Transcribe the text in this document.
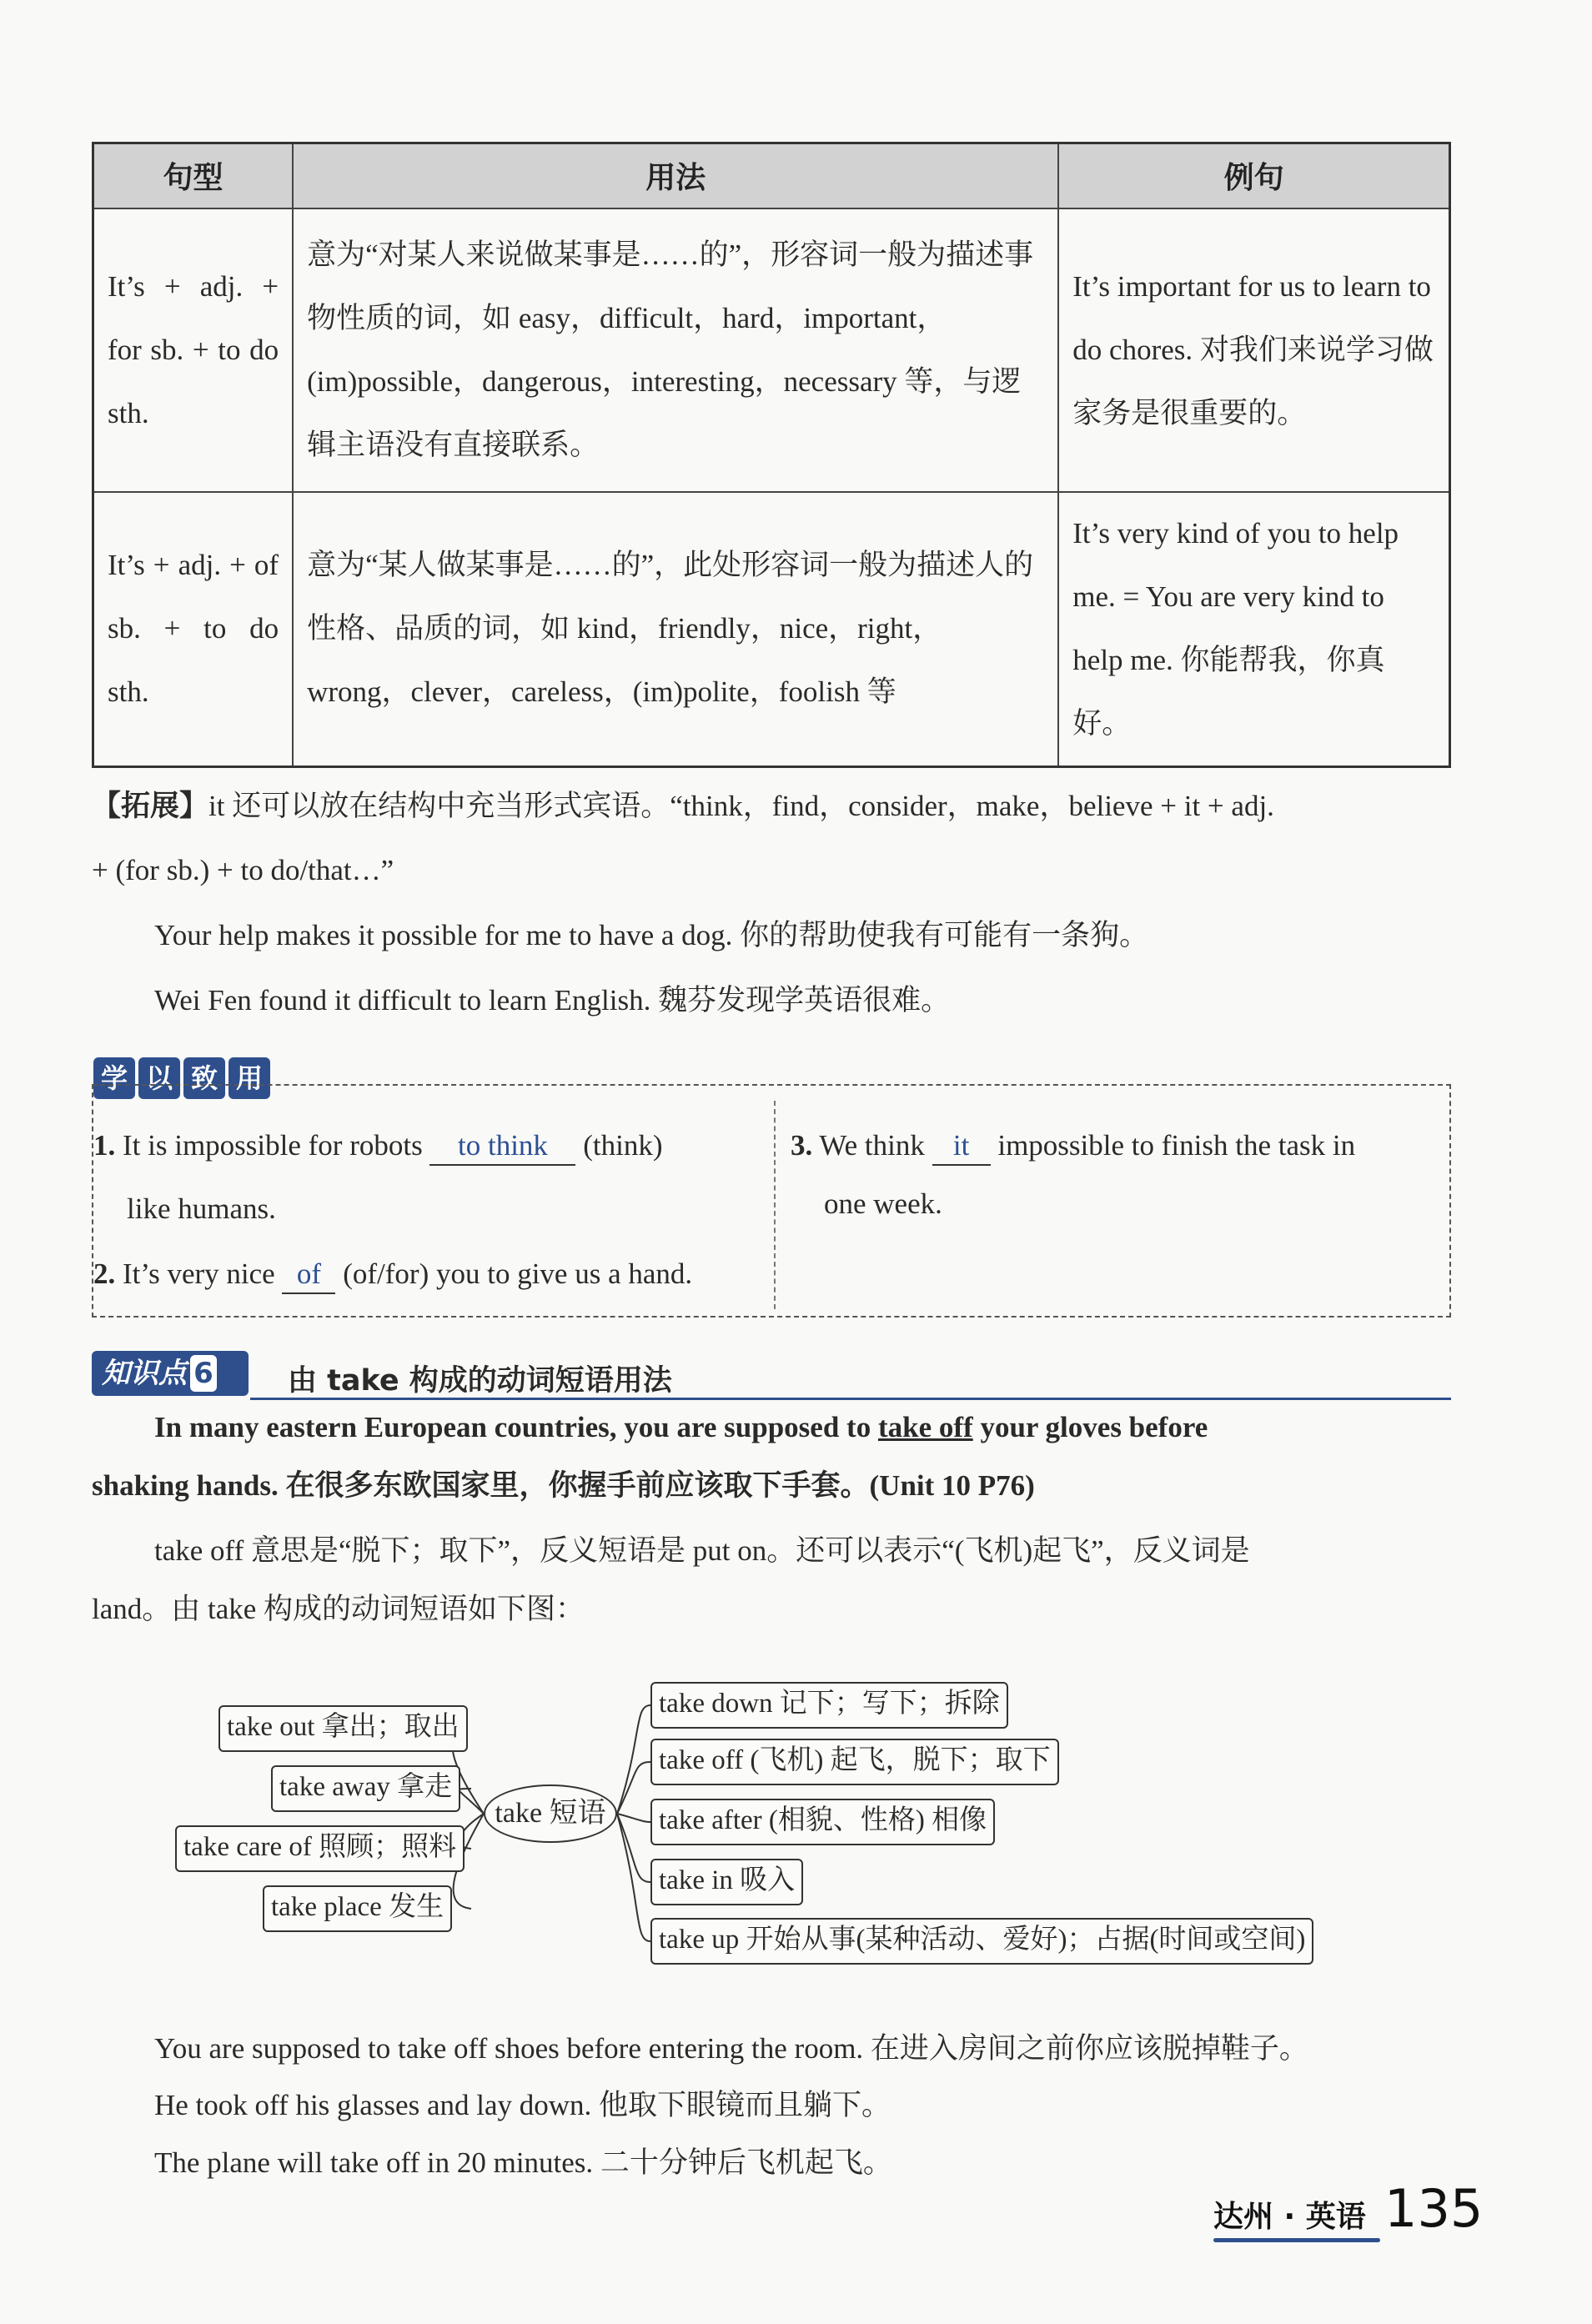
句型	用法	例句
It’s + adj. + for sb. + to do sth.	意为“对某人来说做某事是……的”，形容词一般为描述事物性质的词，如 easy，difficult，hard，important，(im)possible，dangerous，interesting，necessary 等，与逻辑主语没有直接联系。	It’s important for us to learn to do chores. 对我们来说学习做家务是很重要的。
It’s + adj. + of sb. + to do sth.	意为“某人做某事是……的”，此处形容词一般为描述人的性格、品质的词，如 kind，friendly，nice，right，wrong，clever，careless，(im)polite，foolish 等	It’s very kind of you to help me. = You are very kind to help me. 你能帮我，你真好。
【拓展】it 还可以放在结构中充当形式宾语。“think，find，consider，make，believe + it + adj.
+ (for sb.) + to do/that…”
Your help makes it possible for me to have a dog. 你的帮助使我有可能有一条狗。
Wei Fen found it difficult to learn English. 魏芬发现学英语很难。
学 以 致 用
1. It is impossible for robots to think (think)
like humans.
2. It’s very nice of (of/for) you to give us a hand.
3. We think it impossible to finish the task in
one week.
知识点 6	由 take 构成的动词短语用法
In many eastern European countries, you are supposed to take off your gloves before
shaking hands. 在很多东欧国家里，你握手前应该取下手套。(Unit 10 P76)
take off 意思是“脱下；取下”，反义短语是 put on。还可以表示“(飞机)起飞”，反义词是
land。由 take 构成的动词短语如下图：
take out 拿出；取出
take away 拿走
take care of 照顾；照料
take place 发生
take 短语
take down 记下；写下；拆除
take off (飞机) 起飞，脱下；取下
take after (相貌、性格) 相像
take in 吸入
take up 开始从事(某种活动、爱好)；占据(时间或空间)
You are supposed to take off shoes before entering the room. 在进入房间之前你应该脱掉鞋子。
He took off his glasses and lay down. 他取下眼镜而且躺下。
The plane will take off in 20 minutes. 二十分钟后飞机起飞。
达州 · 英语 135
